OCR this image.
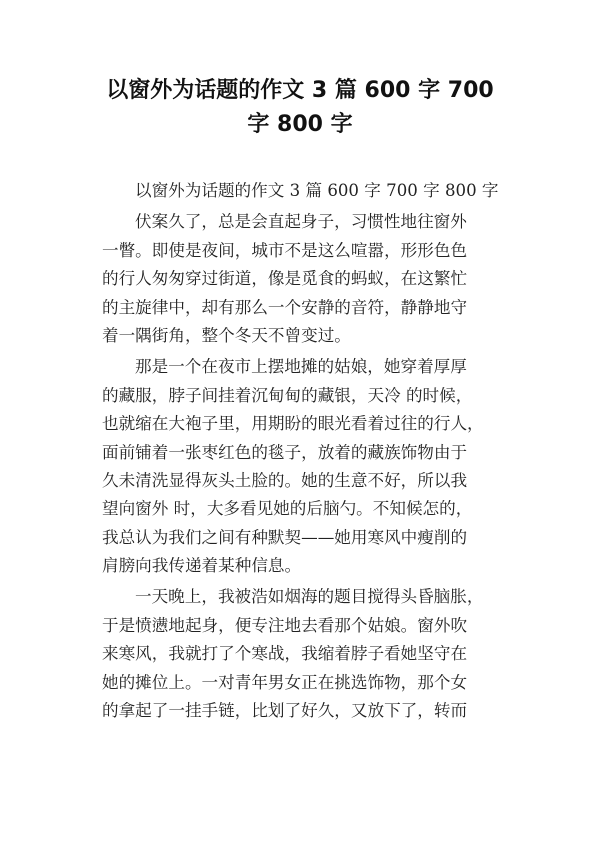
以窗外为话题的作文 3 篇 600 字 700
字 800 字

以窗外为话题的作文 3 篇 600 字 700 字 800 字

伏案久了，总是会直起身子，习惯性地往窗外
一瞥。即使是夜间，城市不是这么喧嚣，形形色色
的行人匆匆穿过街道，像是觅食的蚂蚁，在这繁忙
的主旋律中，却有那么一个安静的音符，静静地守
着一隅街角，整个冬天不曾变过。

那是一个在夜市上摆地摊的姑娘，她穿着厚厚
的藏服，脖子间挂着沉甸甸的藏银，天冷 的时候，
也就缩在大袍子里，用期盼的眼光看着过往的行人，
面前铺着一张枣红色的毯子，放着的藏族饰物由于
久未清洗显得灰头土脸的。她的生意不好，所以我
望向窗外 时，大多看见她的后脑勺。不知候怎的，
我总认为我们之间有种默契——她用寒风中瘦削的
肩膀向我传递着某种信息。

一天晚上，我被浩如烟海的题目搅得头昏脑胀，
于是愤懑地起身，便专注地去看那个姑娘。窗外吹
来寒风，我就打了个寒战，我缩着脖子看她坚守在
她的摊位上。一对青年男女正在挑选饰物，那个女
的拿起了一挂手链，比划了好久，又放下了，转而
